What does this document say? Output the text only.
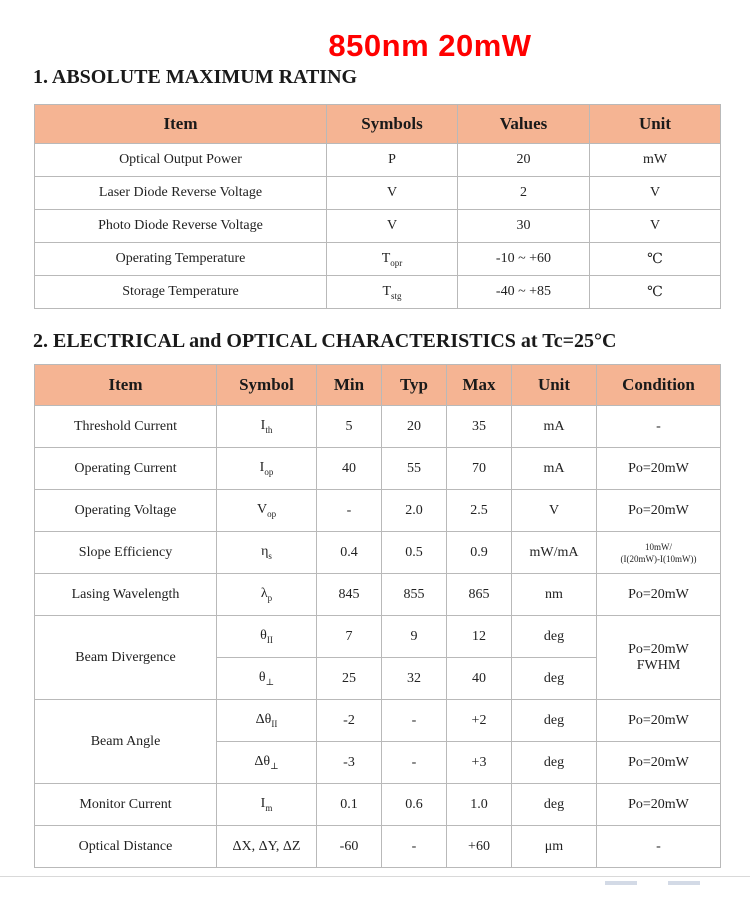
850nm 20mW
1. ABSOLUTE MAXIMUM RATING
Item	Symbols	Values	Unit
Optical Output Power	P	20	mW
Laser Diode Reverse Voltage	V	2	V
Photo Diode Reverse Voltage	V	30	V
Operating Temperature	$T_{opr}$	-10 ~ +60	℃
Storage Temperature	$T_{stg}$	-40 ~ +85	℃
2. ELECTRICAL and OPTICAL CHARACTERISTICS at Tc=25°C
Item	Symbol	Min	Typ	Max	Unit	Condition
Threshold Current	$I_{th}$	5	20	35	mA	-
Operating Current	$I_{op}$	40	55	70	mA	Po=20mW
Operating Voltage	$V_{op}$	-	2.0	2.5	V	Po=20mW
Slope Efficiency	$\eta_s$	0.4	0.5	0.9	mW/mA	10mW/
(I(20mW)-I(10mW))

Lasing Wavelength	$\lambda_p$	845	855	865	nm	Po=20mW
Beam Divergence	$\theta_{II}$	7	9	12	deg	Po=20mW
FWHM

	$\theta_\perp$	25	32	40	deg	
Beam Angle	$\Delta\theta_{II}$	-2	-	+2	deg	Po=20mW
	$\Delta\theta_\perp$	-3	-	+3	deg	Po=20mW
Monitor Current	$I_m$	0.1	0.6	1.0	deg	Po=20mW
Optical Distance	ΔX, ΔY, ΔZ	-60	-	+60	μm	-
